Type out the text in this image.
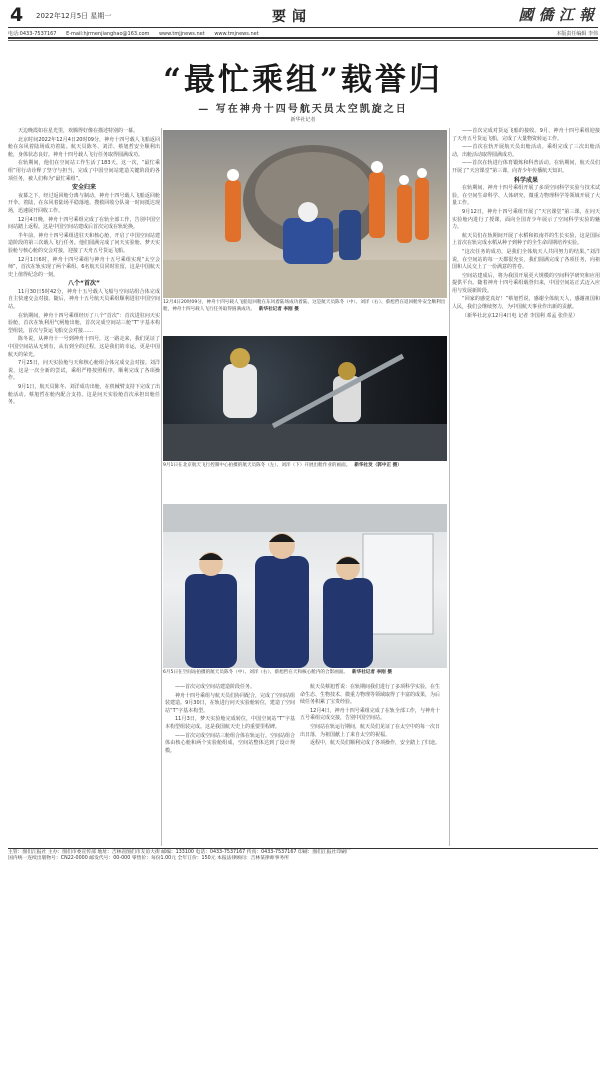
4 2022年12月5日 星期一	要闻	國 僑 江 報
电话:0433-7537167 E-mail:hjrmenjianghao@163.com www.tmjjnews.net www.tmjnews.net	本版责任编辑 李伟
“最忙乘组”载誉归
— 写在神舟十四号航天员太空凯旋之日
新华社记者

天边晚霞如在星光里，欢腾得好像在描述特别的一幕。

北京时间2022年12月4日20时09分，神舟十四号载人飞船返回舱在东风着陆场成功着陆。航天员陈冬、刘洋、蔡旭哲安全顺利出舱，身体状态良好。神舟十四号载人飞行任务取得圆满成功。

在轨期间，他们在空间站工作生活了183天。这一次，“最忙乘组”用行动诠释了坚守与担当，完成了中国空间站建造关键阶段的各项任务，被人们称为“最忙乘组”。

安全归来

夜幕之下，经过返回舱分离与制动，神舟十四号载人飞船返回舱开伞、着陆，在东风着陆场平稳落地。搜救回收分队第一时间抵达现场，迅速展开回收工作。

12月4日晚，神舟十四号乘组完成了在轨全部工作，告别中国空间站踏上返程。这是中国空间站建成后首次完成在轨轮换。

半年前，神舟十四号乘组进驻天和核心舱，开启了中国空间站建造阶段的第三次载人飞行任务。他们圆满完成了问天实验舱、梦天实验舱与核心舱的交会对接，迎接了天舟五号货运飞船。

12月1日6时，神舟十四号乘组与神舟十五号乘组实现“太空会师”，首次在轨实现了两个乘组、6名航天员同时驻留，这是中国航天史上值得纪念的一刻。

八个“首次”

11月30日5时42分，神舟十五号载人飞船与空间站组合体完成自主快速交会对接。随后，神舟十五号航天员乘组顺利进驻中国空间站。

在轨期间，神舟十四号乘组经历了八个“首次”：首次进驻问天实验舱，首次在轨利用气闸舱出舱，首次完成空间站三舱“T”字基本构型组装，首次与货运飞船交会对接……

陈冬说，从神舟十一号到神舟十四号，这一路走来，我们见证了中国空间站从无到有，从有到全的过程，这是我们的幸运，更是中国航天的荣光。

7月25日，问天实验舱与天和核心舱组合体完成交会对接。刘洋说，这是一次全新的尝试，乘组严格按照程序，顺利完成了各项操作。

9月1日，航天员陈冬、刘洋成功出舱，在机械臂支持下完成了出舱活动。蔡旭哲在舱内配合支持。这是问天实验舱首次承担出舱任务。

12月4日20时09分，神舟十四号载人飞船返回舱在东风着陆场成功着陆。这是航天员陈冬（中）、刘洋（右）、蔡旭哲在返回舱外安全顺利出舱，神舟十四号载人飞行任务取得圆满成功。 新华社记者 李刚 摄
9月1日在北京航天飞行控制中心拍摄的航天员陈冬（左）、刘洋（下）开展出舱作业的画面。 新华社发（郭中正 摄）
问天·台·航天·机
6月5日在空间站拍摄的航天员陈冬（中）、刘洋（右）、蔡旭哲在天和核心舱内的合影画面。 新华社记者 李刚 摄

——首次完成空间站建造阶段任务。

神舟十四号乘组与航天员们协同配合，完成了空间站组装建造。9月30日，在轨进行问天实验舱转位，建造了空间站“T”字基本构型。

11月3日，梦天实验舱完成转位，中国空间站“T”字基本构型组装完成。这是我国航天史上的重要里程碑。

——首次完成空间站三舱组合体在轨运行。空间站组合体由核心舱和两个实验舱组成，空间站整体达到了设计规模。

航天员蔡旭哲说：在轨期间我们进行了多项科学实验，在生命生态、生物技术、微重力物理等领域取得了丰富的成果，为后续任务积累了宝贵经验。

12月4日，神舟十四号乘组完成了在轨全部工作，与神舟十五号乘组完成交接，告别中国空间站。

空间站在轨运行期间，航天员们见证了在太空中的每一次日出日落，为祖国献上了来自太空的祝福。

返程中，航天员们顺利完成了各项操作，安全踏上了归途。

——首次完成对货运飞船的接收。9月，神舟十四号乘组迎接了天舟五号货运飞船，完成了大量物资转运工作。

——首次在轨开展航天员出舱活动。乘组完成了三次出舱活动，出舱活动取得圆满成功。

——首次在轨进行体育锻炼和科普活动。在轨期间，航天员们开展了“天宫课堂”第三课，向青少年传播航天知识。

科学成果

在轨期间，神舟十四号乘组开展了多项空间科学实验与技术试验，在空间生命科学、人体研究、微重力物理科学等领域开展了大量工作。

9月12日，神舟十四号乘组开展了“天宫课堂”第三课，在问天实验舱内进行了授课，面向全国青少年展示了空间科学实验的魅力。

航天员们在轨期间开展了水稻和拟南芥的生长实验，这是国际上首次在轨完成水稻从种子到种子的全生命周期培养实验。

“这次任务的成功，是我们全体航天人共同努力的结果。”刘洋说，在空间站的每一天都很充实，我们圆满完成了各项任务，向祖国和人民交上了一份满意的答卷。

空间站建成后，将为我国开展更大规模的空间科学研究和应用提供平台。随着神舟十四号乘组载誉归来，中国空间站正式迈入应用与发展新阶段。

“回家的感觉真好！”蔡旭哲说，感谢全体航天人，感谢祖国和人民，我们会继续努力，为中国航天事业作出新的贡献。

（新华社北京12月4日电 记者 李国利 邓孟 张佳星）

主管：图们江报社 主办：图们市委宣传部 地址：吉林省图们市友谊大街 邮编：133100 电话：0433-7537167 传真：0433-7537167 印刷：图们江报社印刷厂
国内统一连续出版物号：CN22-0000 邮发代号：00-000 零售价：每份1.00元 全年订价：150元 本报法律顾问：吉林某律师事务所
